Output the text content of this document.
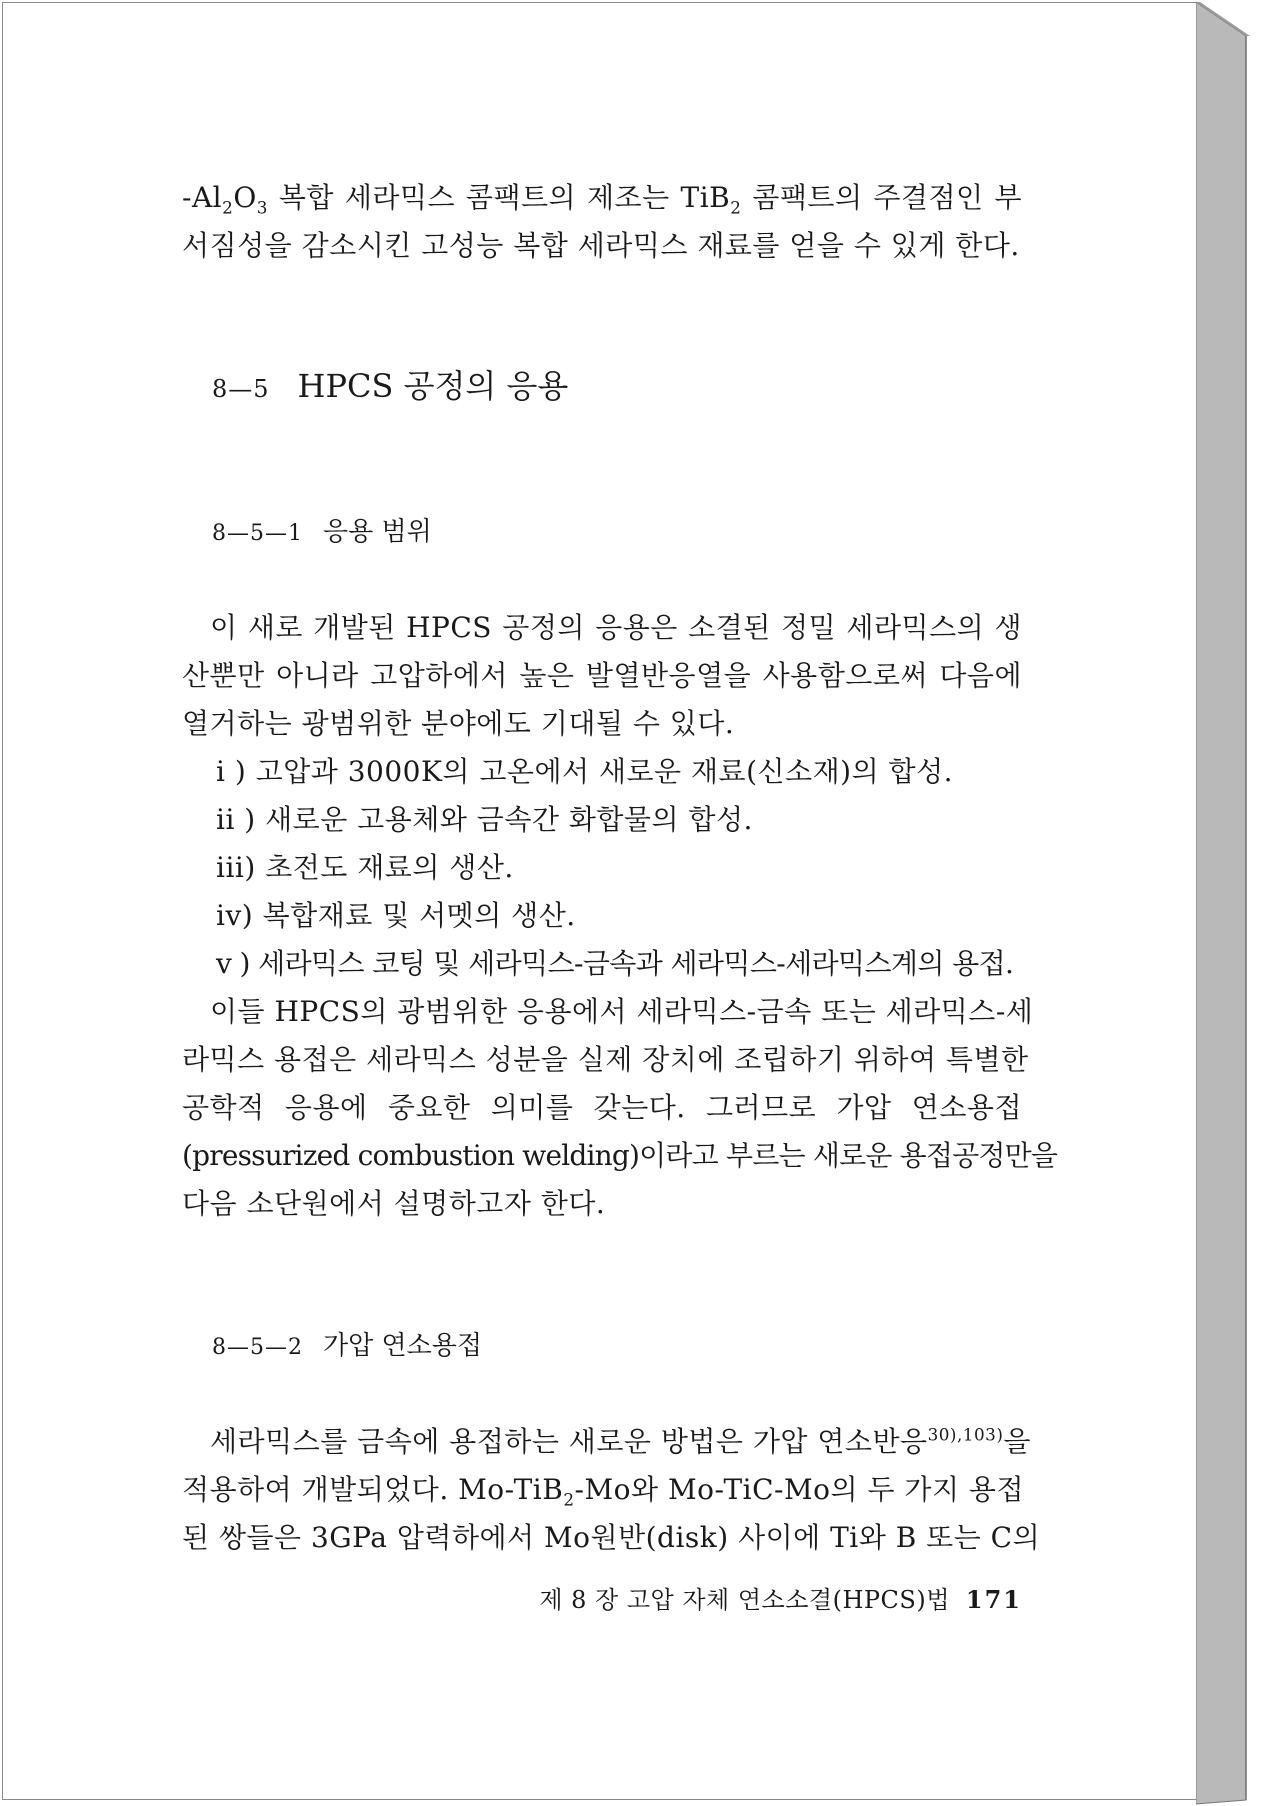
$-Al_2O_3$ 복합 세라믹스 콤팩트의 제조는 TiB$_2$ 콤팩트의 주결점인 부
서짐성을 감소시킨 고성능 복합 세라믹스 재료를 얻을 수 있게 한다.
8—5 HPCS 공정의 응용
8—5—1 응용 범위
이 새로 개발된 HPCS 공정의 응용은 소결된 정밀 세라믹스의 생
산뿐만 아니라 고압하에서 높은 발열반응열을 사용함으로써 다음에
열거하는 광범위한 분야에도 기대될 수 있다.
i ) 고압과 3000K의 고온에서 새로운 재료(신소재)의 합성.
ii ) 새로운 고용체와 금속간 화합물의 합성.
iii) 초전도 재료의 생산.
iv) 복합재료 및 서멧의 생산.
v ) 세라믹스 코팅 및 세라믹스-금속과 세라믹스-세라믹스계의 용접.
이들 HPCS의 광범위한 응용에서 세라믹스-금속 또는 세라믹스-세
라믹스 용접은 세라믹스 성분을 실제 장치에 조립하기 위하여 특별한
공학적 응용에 중요한 의미를 갖는다. 그러므로 가압 연소용접
(pressurized combustion welding)이라고 부르는 새로운 용접공정만을
다음 소단원에서 설명하고자 한다.
8—5—2 가압 연소용접
세라믹스를 금속에 용접하는 새로운 방법은 가압 연소반응$^{30),103)}$을
적용하여 개발되었다. Mo-TiB$_2$-Mo와 Mo-TiC-Mo의 두 가지 용접
된 쌍들은 3GPa 압력하에서 Mo원반(disk) 사이에 Ti와 B 또는 C의
제 8 장 고압 자체 연소소결(HPCS)법 171
